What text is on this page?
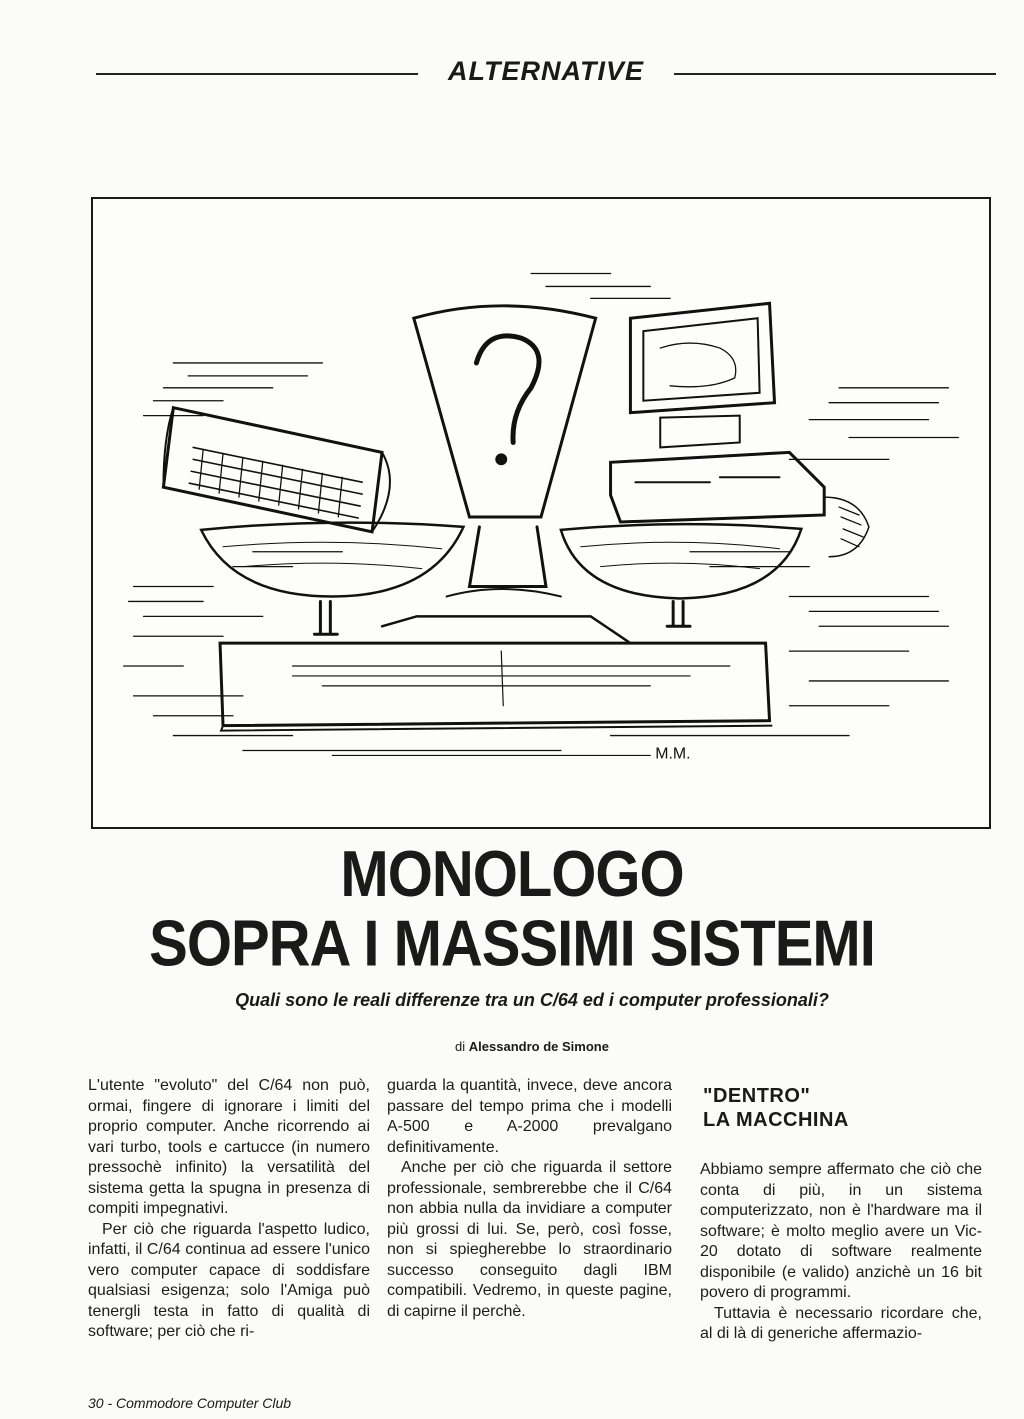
ALTERNATIVE
M.M.
MONOLOGO
SOPRA I MASSIMI SISTEMI
Quali sono le reali differenze tra un C/64 ed i computer professionali?
di Alessandro de Simone

L'utente "evoluto" del C/64 non può, ormai, fingere di ignorare i limiti del proprio computer. Anche ricorrendo ai vari turbo, tools e cartucce (in numero pressochè infinito) la versatilità del sistema getta la spugna in presenza di compiti impegnativi.

Per ciò che riguarda l'aspetto ludico, infatti, il C/64 continua ad essere l'unico vero computer capace di soddisfare qualsiasi esigenza; solo l'Amiga può tenergli testa in fatto di qualità di software; per ciò che ri-

guarda la quantità, invece, deve ancora passare del tempo prima che i modelli A-500 e A-2000 prevalgano definitivamente.

Anche per ciò che riguarda il settore professionale, sembrerebbe che il C/64 non abbia nulla da invidiare a computer più grossi di lui. Se, però, così fosse, non si spiegherebbe lo straordinario successo conseguito dagli IBM compatibili. Vedremo, in queste pagine, di capirne il perchè.

"DENTRO"
LA MACCHINA

Abbiamo sempre affermato che ciò che conta di più, in un sistema computerizzato, non è l'hardware ma il software; è molto meglio avere un Vic-20 dotato di software realmente disponibile (e valido) anzichè un 16 bit povero di programmi.

Tuttavia è necessario ricordare che, al di là di generiche affermazio-

30 - Commodore Computer Club
